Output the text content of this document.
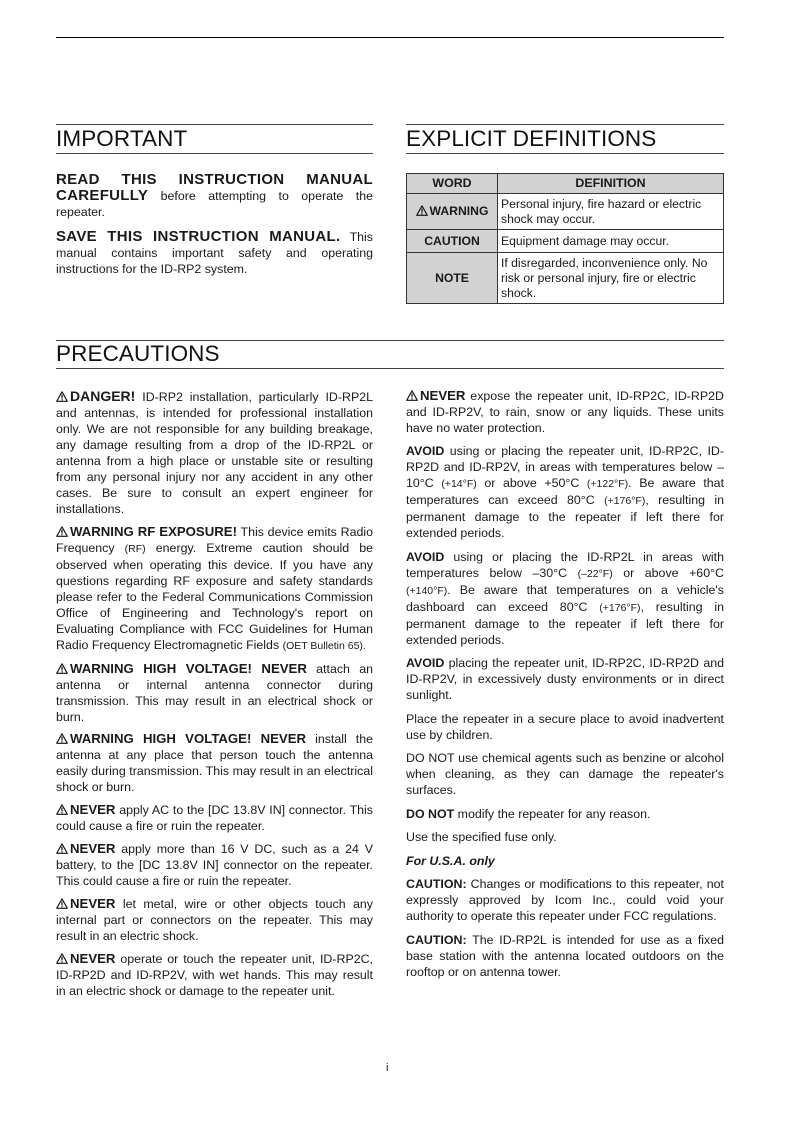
IMPORTANT

READ THIS INSTRUCTION MANUAL CAREFULLY before attempting to operate the repeater.

SAVE THIS INSTRUCTION MANUAL. This manual contains important safety and operating instructions for the ID-RP2 system.

EXPLICIT DEFINITIONS
WORD	DEFINITION
WARNING	Personal injury, fire hazard or electric shock may occur.
CAUTION	Equipment damage may occur.
NOTE	If disregarded, inconvenience only. No risk or personal injury, fire or electric shock.
PRECAUTIONS

DANGER! ID-RP2 installation, particularly ID-RP2L and antennas, is intended for professional installation only. We are not responsible for any building breakage, any damage resulting from a drop of the ID-RP2L or antenna from a high place or unstable site or resulting from any personal injury nor any accident in any other cases. Be sure to consult an expert engineer for installations.

WARNING RF EXPOSURE! This device emits Radio Frequency (RF) energy. Extreme caution should be observed when operating this device. If you have any questions regarding RF exposure and safety standards please refer to the Federal Communications Commission Office of Engineering and Technology's report on Evaluating Compliance with FCC Guidelines for Human Radio Frequency Electromagnetic Fields (OET Bulletin 65).

WARNING HIGH VOLTAGE! NEVER attach an antenna or internal antenna connector during transmission. This may result in an electrical shock or burn.

WARNING HIGH VOLTAGE! NEVER install the antenna at any place that person touch the antenna easily during transmission. This may result in an electrical shock or burn.

NEVER apply AC to the [DC 13.8V IN] connector. This could cause a fire or ruin the repeater.

NEVER apply more than 16 V DC, such as a 24 V battery, to the [DC 13.8V IN] connector on the repeater. This could cause a fire or ruin the repeater.

NEVER let metal, wire or other objects touch any internal part or connectors on the repeater. This may result in an electric shock.

NEVER operate or touch the repeater unit, ID-RP2C, ID-RP2D and ID-RP2V, with wet hands. This may result in an electric shock or damage to the repeater unit.

NEVER expose the repeater unit, ID-RP2C, ID-RP2D and ID-RP2V, to rain, snow or any liquids. These units have no water protection.

AVOID using or placing the repeater unit, ID-RP2C, ID-RP2D and ID-RP2V, in areas with temperatures below –10°C (+14°F) or above +50°C (+122°F). Be aware that temperatures can exceed 80°C (+176°F), resulting in permanent damage to the repeater if left there for extended periods.

AVOID using or placing the ID-RP2L in areas with temperatures below –30°C (–22°F) or above +60°C (+140°F). Be aware that temperatures on a vehicle's dashboard can exceed 80°C (+176°F), resulting in permanent damage to the repeater if left there for extended periods.

AVOID placing the repeater unit, ID-RP2C, ID-RP2D and ID-RP2V, in excessively dusty environments or in direct sunlight.

Place the repeater in a secure place to avoid inadvertent use by children.

DO NOT use chemical agents such as benzine or alcohol when cleaning, as they can damage the repeater's surfaces.

DO NOT modify the repeater for any reason.

Use the specified fuse only.

For U.S.A. only

CAUTION: Changes or modifications to this repeater, not expressly approved by Icom Inc., could void your authority to operate this repeater under FCC regulations.

CAUTION: The ID-RP2L is intended for use as a fixed base station with the antenna located outdoors on the rooftop or on antenna tower.

i
